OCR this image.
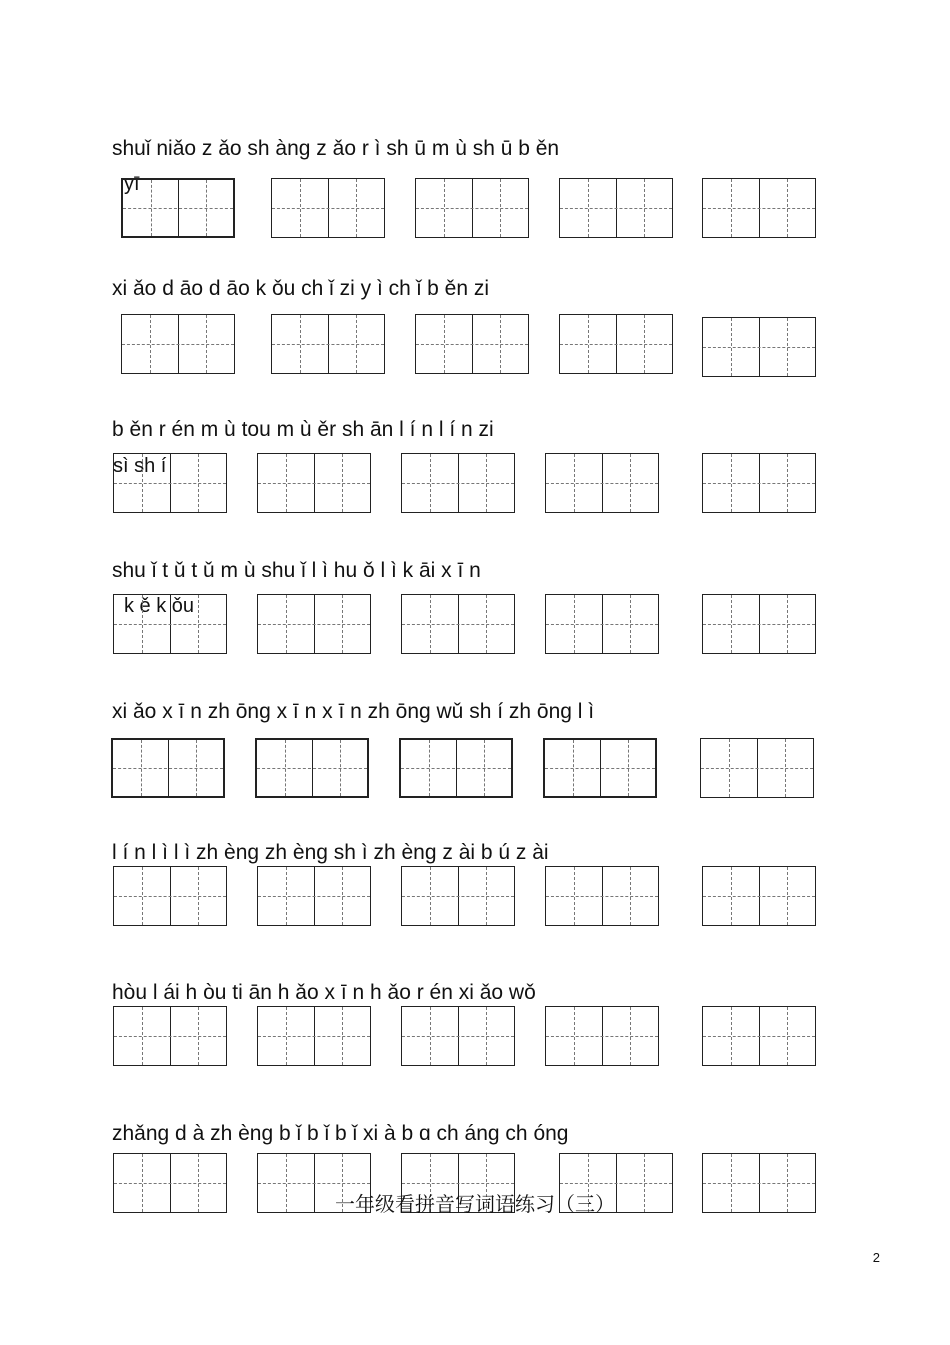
shuǐ niǎo z ǎo sh àng z ǎo r ì sh ū m ù sh ū b ěn
yī
xi ǎo d āo d āo k ǒu ch ǐ zi y ì ch ǐ b ěn zi
b ěn r én m ù tou m ù ěr sh ān l í n l í n zi
sì sh í
shu ǐ t ǔ t ǔ m ù shu ǐ l ì hu ǒ l ì k āi x ī n
k ě k ǒu
xi ǎo x ī n zh ōng x ī n x ī n zh ōng wǔ sh í zh ōng l ì
l í n l ì l ì zh èng zh èng sh ì zh èng z ài b ú z ài
hòu l ái h òu ti ān h ǎo x ī n h ǎo r én xi ǎo wǒ
zhǎng d à zh èng b ǐ b ǐ b ǐ xi à b ɑ ch áng ch óng
一年级看拼音写词语练习（三）
2
